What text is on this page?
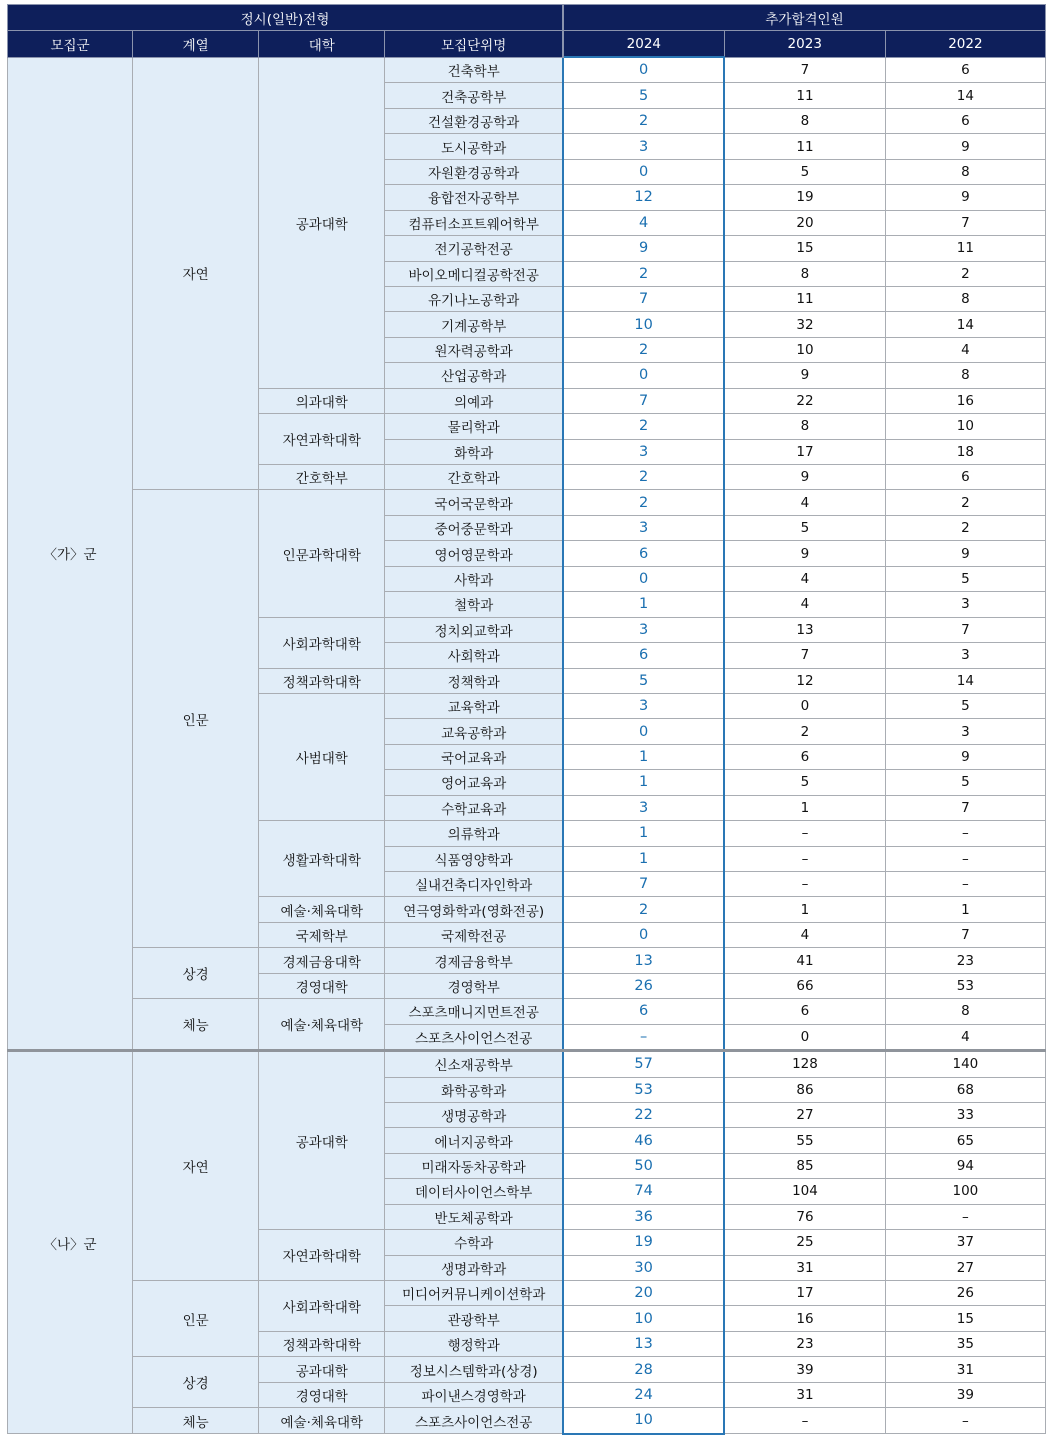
정시(일반)전형				추가합격인원		
모집군	계열	대학	모집단위명	2024	2023	2022
〈가〉군	자연	공과대학	건축학부	0	7	6
			건축공학부	5	11	14
			건설환경공학과	2	8	6
			도시공학과	3	11	9
			자원환경공학과	0	5	8
			융합전자공학부	12	19	9
			컴퓨터소프트웨어학부	4	20	7
			전기공학전공	9	15	11
			바이오메디컬공학전공	2	8	2
			유기나노공학과	7	11	8
			기계공학부	10	32	14
			원자력공학과	2	10	4
			산업공학과	0	9	8
		의과대학	의예과	7	22	16
		자연과학대학	물리학과	2	8	10
			화학과	3	17	18
		간호학부	간호학과	2	9	6
	인문	인문과학대학	국어국문학과	2	4	2
			중어중문학과	3	5	2
			영어영문학과	6	9	9
			사학과	0	4	5
			철학과	1	4	3
		사회과학대학	정치외교학과	3	13	7
			사회학과	6	7	3
		정책과학대학	정책학과	5	12	14
		사범대학	교육학과	3	0	5
			교육공학과	0	2	3
			국어교육과	1	6	9
			영어교육과	1	5	5
			수학교육과	3	1	7
		생활과학대학	의류학과	1	–	–
			식품영양학과	1	–	–
			실내건축디자인학과	7	–	–
		예술·체육대학	연극영화학과(영화전공)	2	1	1
		국제학부	국제학전공	0	4	7
	상경	경제금융대학	경제금융학부	13	41	23
		경영대학	경영학부	26	66	53
	체능	예술·체육대학	스포츠매니지먼트전공	6	6	8
			스포츠사이언스전공	–	0	4
〈나〉군	자연	공과대학	신소재공학부	57	128	140
			화학공학과	53	86	68
			생명공학과	22	27	33
			에너지공학과	46	55	65
			미래자동차공학과	50	85	94
			데이터사이언스학부	74	104	100
			반도체공학과	36	76	–
		자연과학대학	수학과	19	25	37
			생명과학과	30	31	27
	인문	사회과학대학	미디어커뮤니케이션학과	20	17	26
			관광학부	10	16	15
		정책과학대학	행정학과	13	23	35
	상경	공과대학	정보시스템학과(상경)	28	39	31
		경영대학	파이낸스경영학과	24	31	39
	체능	예술·체육대학	스포츠사이언스전공	10	–	–
